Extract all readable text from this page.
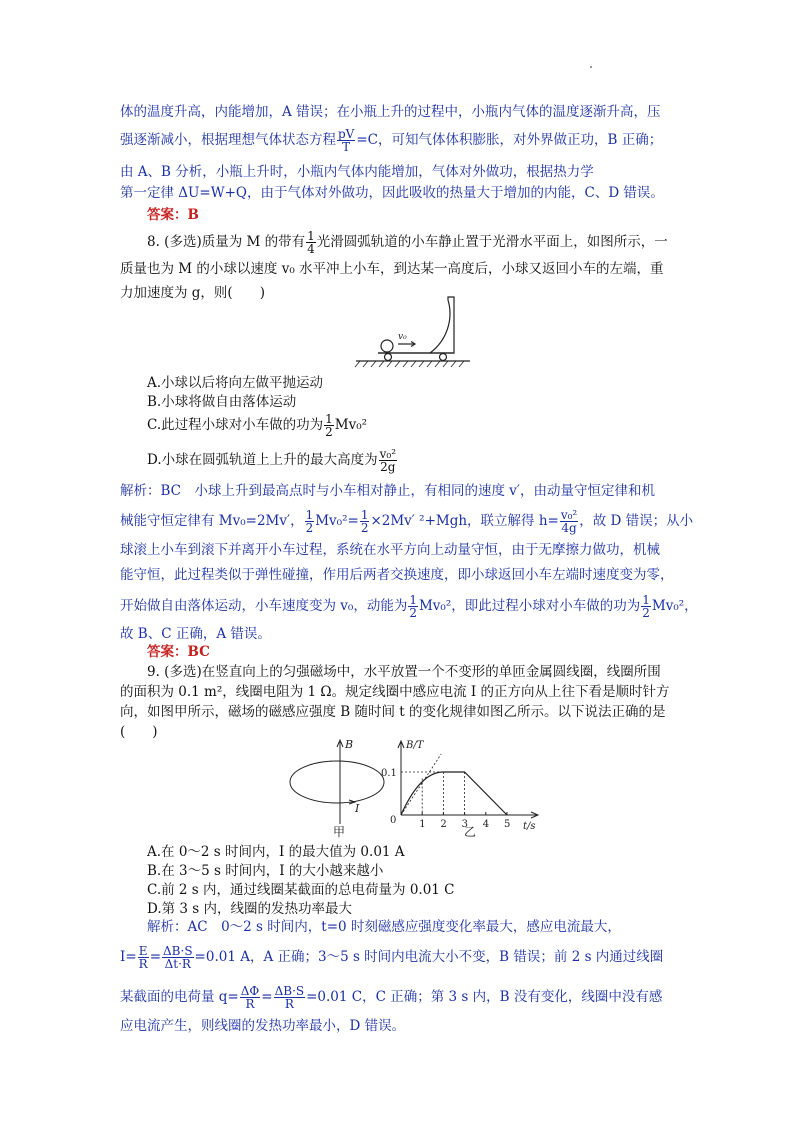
体的温度升高，内能增加，A 错误；在小瓶上升的过程中，小瓶内气体的温度逐渐升高，压
强逐渐减小，根据理想气体状态方程 $\frac{pV}{T} =C$，可知气体体积膨胀，对外界做正功，B 正确；
由 A、B 分析，小瓶上升时，小瓶内气体内能增加，气体对外做功，根据热力学
第一定律 ΔU=W+Q，由于气体对外做功，因此吸收的热量大于增加的内能，C、D 错误。
答案：B
8. (多选)质量为 M 的带有 $\frac{1}{4}$ 光滑圆弧轨道的小车静止置于光滑水平面上，如图所示，一
质量也为 M 的小球以速度 v₀ 水平冲上小车，到达某一高度后，小球又返回小车的左端，重
力加速度为 g，则(　　)
v₀
A.小球以后将向左做平抛运动
B.小球将做自由落体运动
C.此过程小球对小车做的功为 $\frac{1}{2} Mv_0^2$
D.小球在圆弧轨道上上升的最大高度为 $\frac{\text{v₀²}}{2g}$
解析：BC　小球上升到最高点时与小车相对静止，有相同的速度 v′，由动量守恒定律和机
械能守恒定律有 Mv₀=2Mv′， $\frac{1}{2} Mv_0^2= \frac{1}{2} \times 2Mv'$ ²+Mgh，联立解得 $h= \frac{\text{v₀²}}{4g}$ ，故 D 错误；从小
球滚上小车到滚下并离开小车过程，系统在水平方向上动量守恒，由于无摩擦力做功，机械
能守恒，此过程类似于弹性碰撞，作用后两者交换速度，即小球返回小车左端时速度变为零，
开始做自由落体运动，小车速度变为 v₀，动能为 $\frac{1}{2} Mv_0^2$，即此过程小球对小车做的功为 $\frac{1}{2} Mv_0^2$，
故 B、C 正确，A 错误。
答案：BC
9. (多选)在竖直向上的匀强磁场中，水平放置一个不变形的单匝金属圆线圈，线圈所围
的面积为 0.1 m²，线圈电阻为 1 Ω。规定线圈中感应电流 I 的正方向从上往下看是顺时针方
向，如图甲所示，磁场的磁感应强度 B 随时间 t 的变化规律如图乙所示。以下说法正确的是
(　　)
B
I
甲
1 2 3 4 5
0.1
B/T
0
t/s
乙
A.在 0～2 s 时间内，I 的最大值为 0.01 A
B.在 3～5 s 时间内，I 的大小越来越小
C.前 2 s 内，通过线圈某截面的总电荷量为 0.01 C
D.第 3 s 内，线圈的发热功率最大
解析：AC　0～2 s 时间内，t=0 时刻磁感应强度变化率最大，感应电流最大，
$I= \frac{E}{R} = \frac{\Delta B\cdot S}{\Delta t\cdot R} =0.01$ A，A 正确；3～5 s 时间内电流大小不变，B 错误；前 2 s 内通过线圈
某截面的电荷量 $q= \frac{\Delta\Phi}{R} = \frac{\Delta B\cdot S}{R} =0.01$ C，C 正确；第 3 s 内，B 没有变化，线圈中没有感
应电流产生，则线圈的发热功率最小，D 错误。
